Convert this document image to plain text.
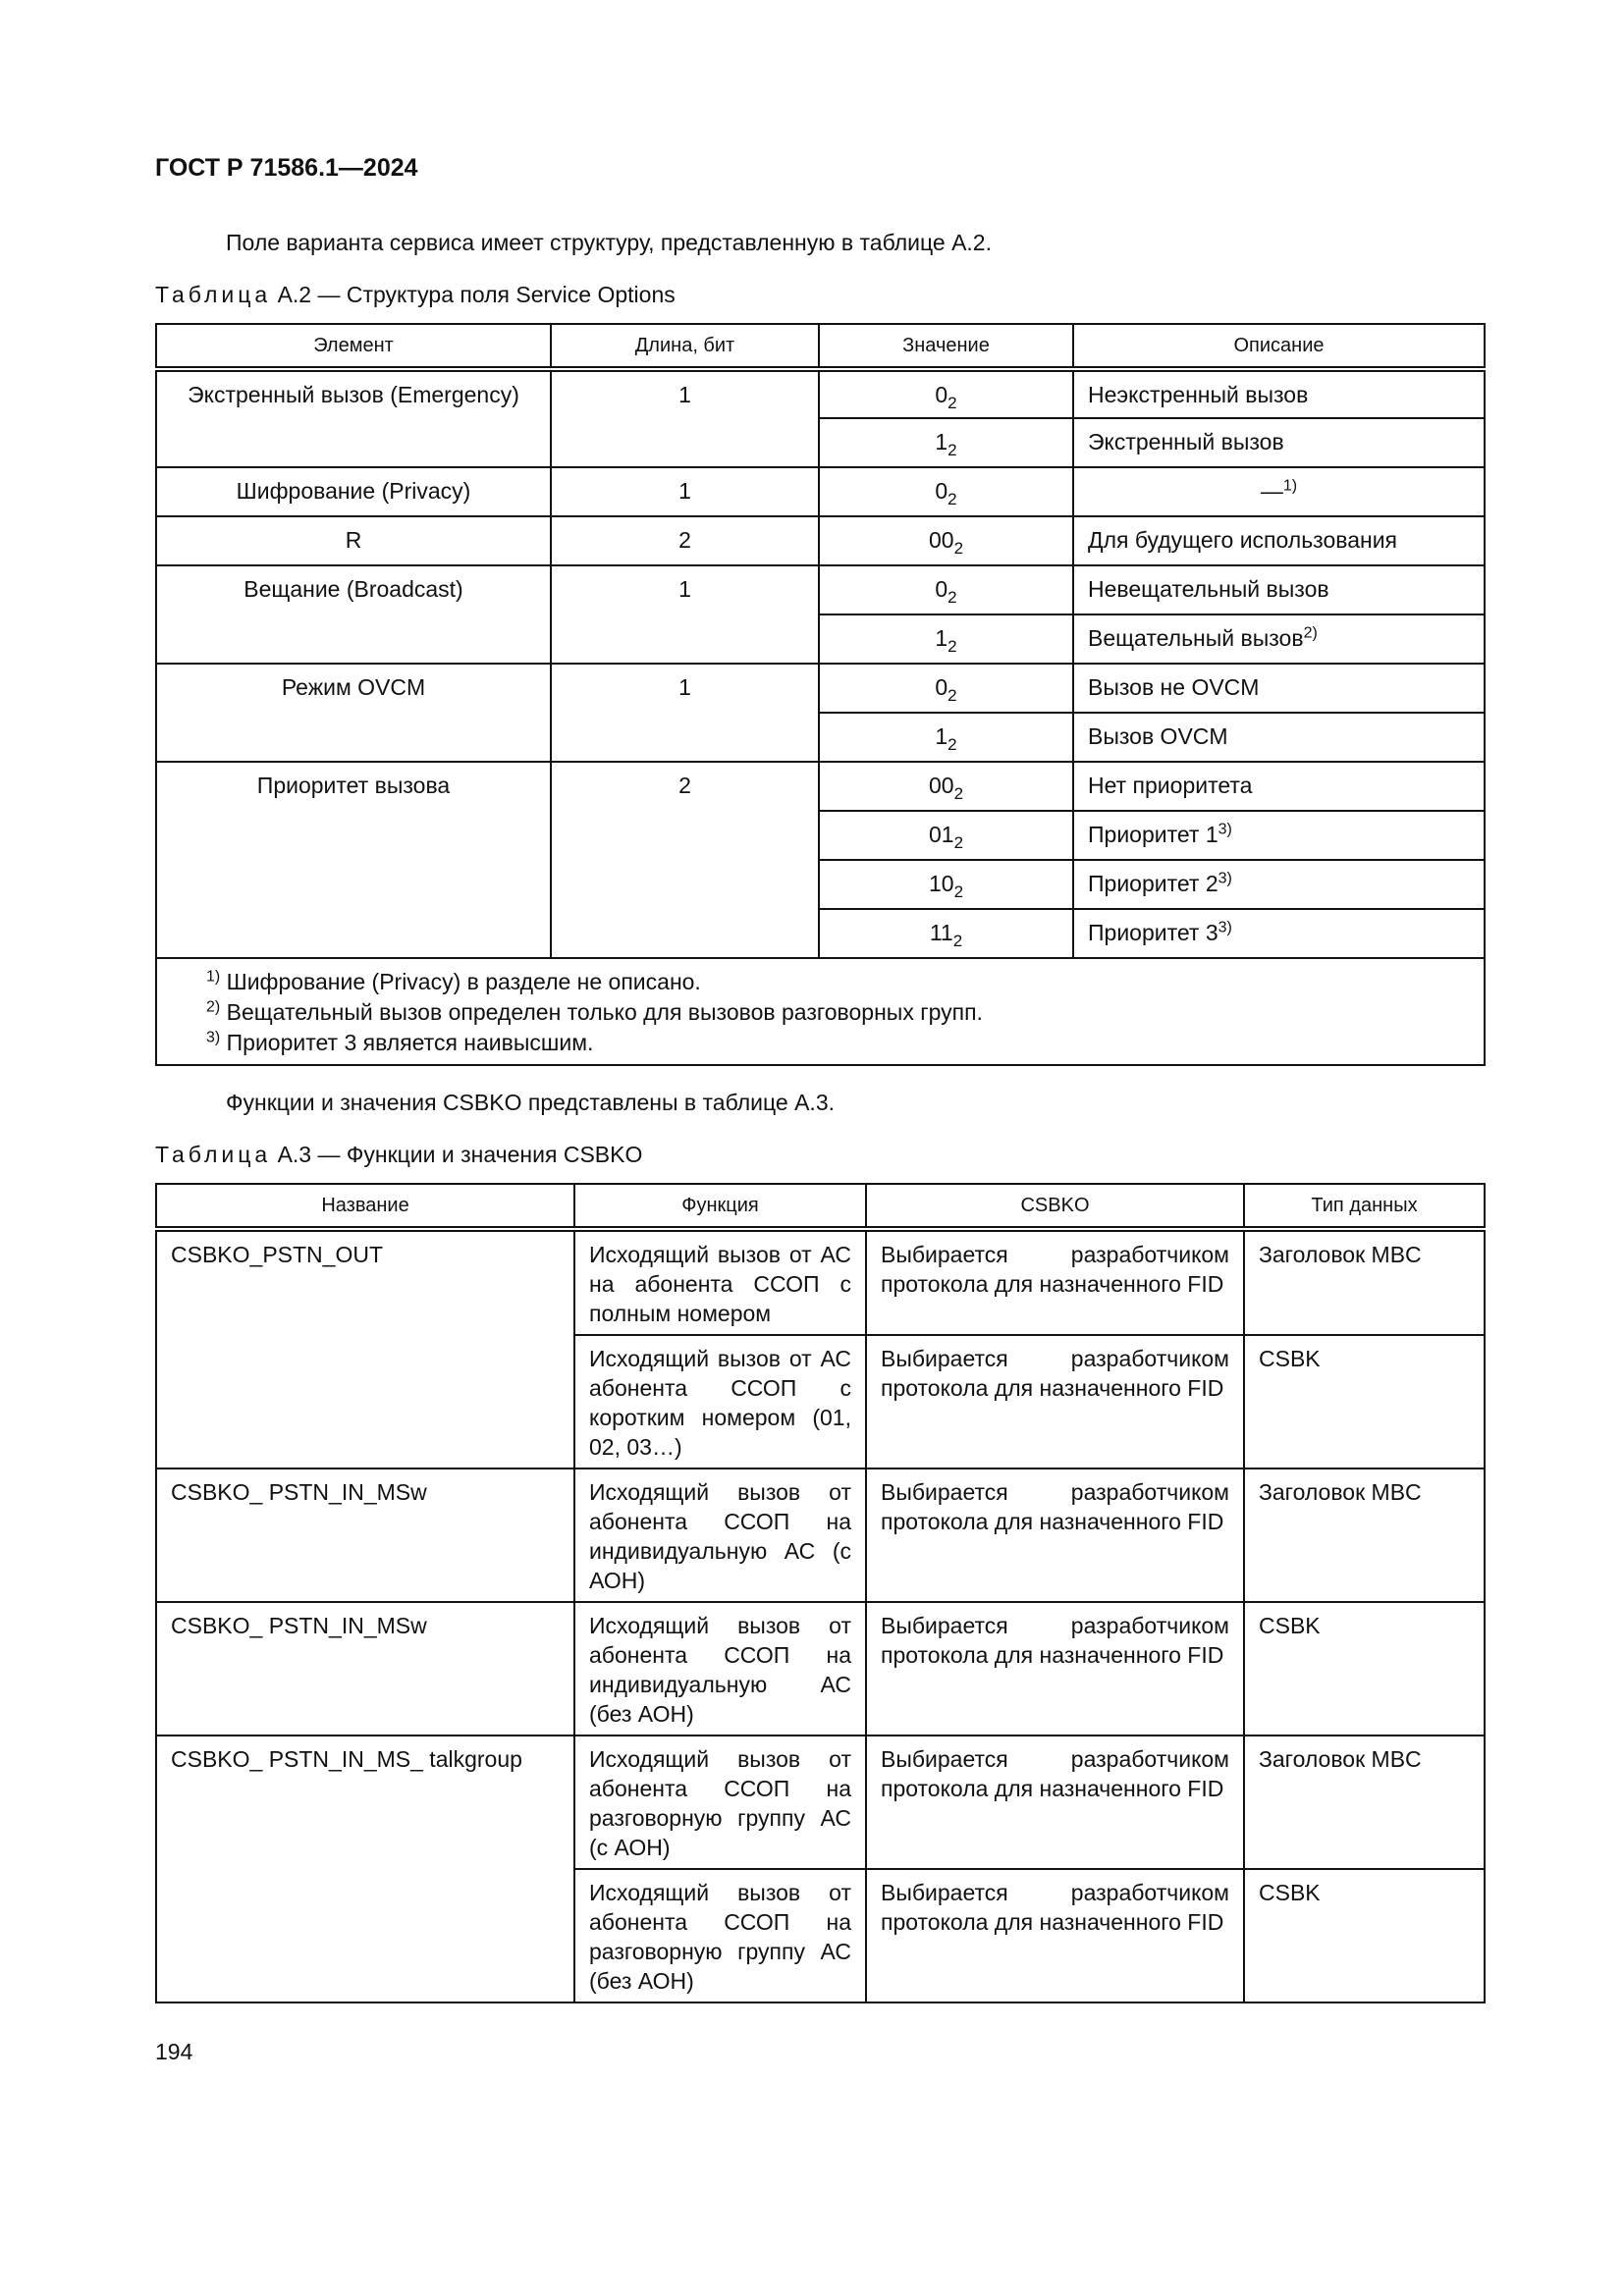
ГОСТ Р 71586.1—2024
Поле варианта сервиса имеет структуру, представленную в таблице А.2.
Таблица А.2 — Структура поля Service Options
Элемент	Длина, бит	Значение	Описание
Экстренный вызов (Emergency)	1	$0_2$	Неэкстренный вызов
		$1_2$	Экстренный вызов
Шифрование (Privacy)	1	$0_2$	—$^{1)}$
R	2	$00_2$	Для будущего использования
Вещание (Broadcast)	1	$0_2$	Невещательный вызов
		$1_2$	Вещательный вызов$^{2)}$
Режим OVCM	1	$0_2$	Вызов не OVCM
		$1_2$	Вызов OVCM
Приоритет вызова	2	$00_2$	Нет приоритета
		$01_2$	Приоритет 1$^{3)}$
		$10_2$	Приоритет 2$^{3)}$
		$11_2$	Приоритет 3$^{3)}$

$^{1)}$ Шифрование (Privacy) в разделе не описано.
$^{2)}$ Вещательный вызов определен только для вызовов разговорных групп.
$^{3)}$ Приоритет 3 является наивысшим.			
Функции и значения CSBKO представлены в таблице А.3.
Таблица А.3 — Функции и значения CSBKO
Название	Функция	CSBKO	Тип данных
CSBKO_PSTN_OUT	Исходящий вызов от АС на абонента ССОП с полным номером	Выбирается разработчиком протокола для назначенного FID	Заголовок MBC
	Исходящий вызов от АС абонента ССОП с коротким номером (01, 02, 03…)	Выбирается разработчиком протокола для назначенного FID	CSBK
CSBKO_ PSTN_IN_MSw	Исходящий вызов от абонента ССОП на индивидуальную АС (с АОН)	Выбирается разработчиком протокола для назначенного FID	Заголовок MBC
CSBKO_ PSTN_IN_MSw	Исходящий вызов от абонента ССОП на индивидуальную АС (без АОН)	Выбирается разработчиком протокола для назначенного FID	CSBK
CSBKO_ PSTN_IN_MS_ talkgroup	Исходящий вызов от абонента ССОП на разговорную группу АС (с АОН)	Выбирается разработчиком протокола для назначенного FID	Заголовок MBC
	Исходящий вызов от абонента ССОП на разговорную группу АС (без АОН)	Выбирается разработчиком протокола для назначенного FID	CSBK
194
